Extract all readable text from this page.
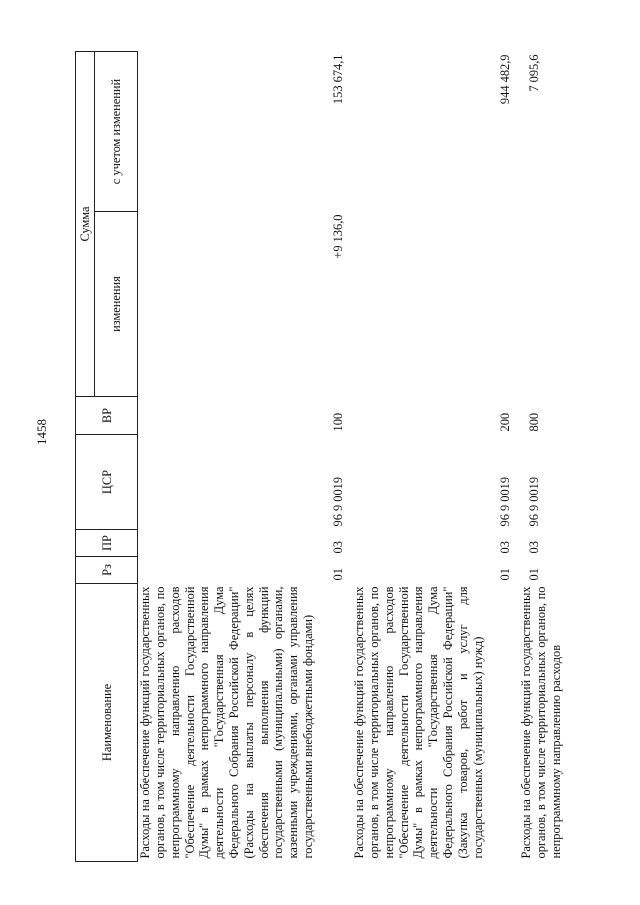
1458
Наименование	Рз	ПР	ЦСР	ВР	Сумма	
					изменения	с учетом изменений
Расходы на обеспечение функций государственных органов, в том числе территориальных органов, по непрограммному направлению расходов "Обеспечение деятельности Государственной Думы" в рамках непрограммного направления деятельности "Государственная Дума Федерального Собрания Российской Федерации" (Расходы на выплаты персоналу в целях обеспечения выполнения функций государственными (муниципальными) органами, казенными учреждениями, органами управления государственными внебюджетными фондами)	01	03	96 9 0019	100	+9 136,0	153 674,1
Расходы на обеспечение функций государственных органов, в том числе территориальных органов, по непрограммному направлению расходов "Обеспечение деятельности Государственной Думы" в рамках непрограммного направления деятельности "Государственная Дума Федерального Собрания Российской Федерации" (Закупка товаров, работ и услуг для государственных (муниципальных) нужд)	01	03	96 9 0019	200		944 482,9
Расходы на обеспечение функций государственных органов, в том числе территориальных органов, по непрограммному направлению расходов	01	03	96 9 0019	800		7 095,6
